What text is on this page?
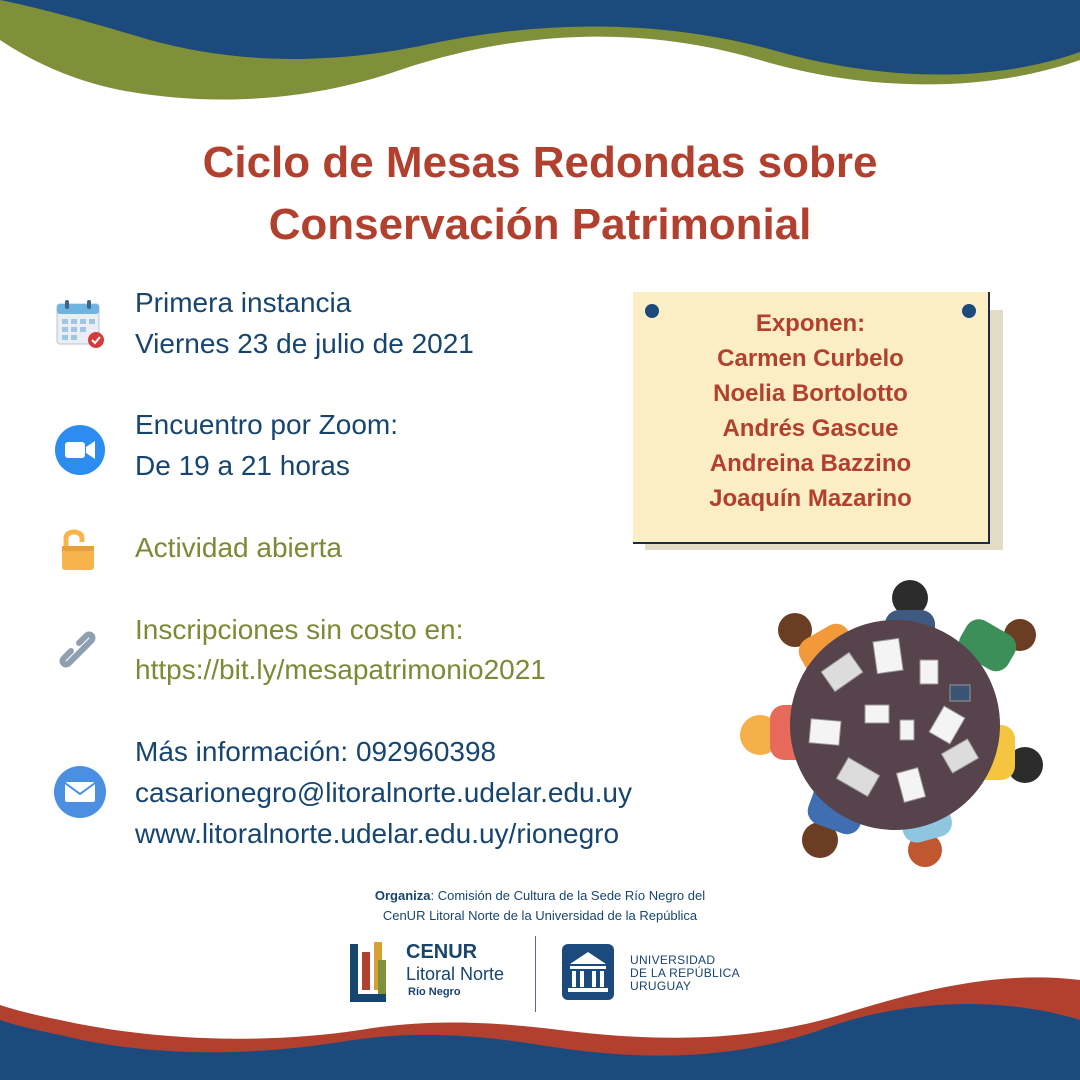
Ciclo de Mesas Redondas sobre
Conservación Patrimonial
Primera instancia
Viernes 23 de julio de 2021
Encuentro por Zoom:
De 19 a 21 horas
Actividad abierta
Inscripciones sin costo en:
https://bit.ly/mesapatrimonio2021
Más información: 092960398
casarionegro@litoralnorte.udelar.edu.uy
www.litoralnorte.udelar.edu.uy/rionegro
Exponen:
Carmen Curbelo
Noelia Bortolotto
Andrés Gascue
Andreina Bazzino
Joaquín Mazarino
Organiza: Comisión de Cultura de la Sede Río Negro del
CenUR Litoral Norte de la Universidad de la República
CENUR
Litoral Norte
Río Negro
UNIVERSIDAD
DE LA REPÚBLICA
URUGUAY
